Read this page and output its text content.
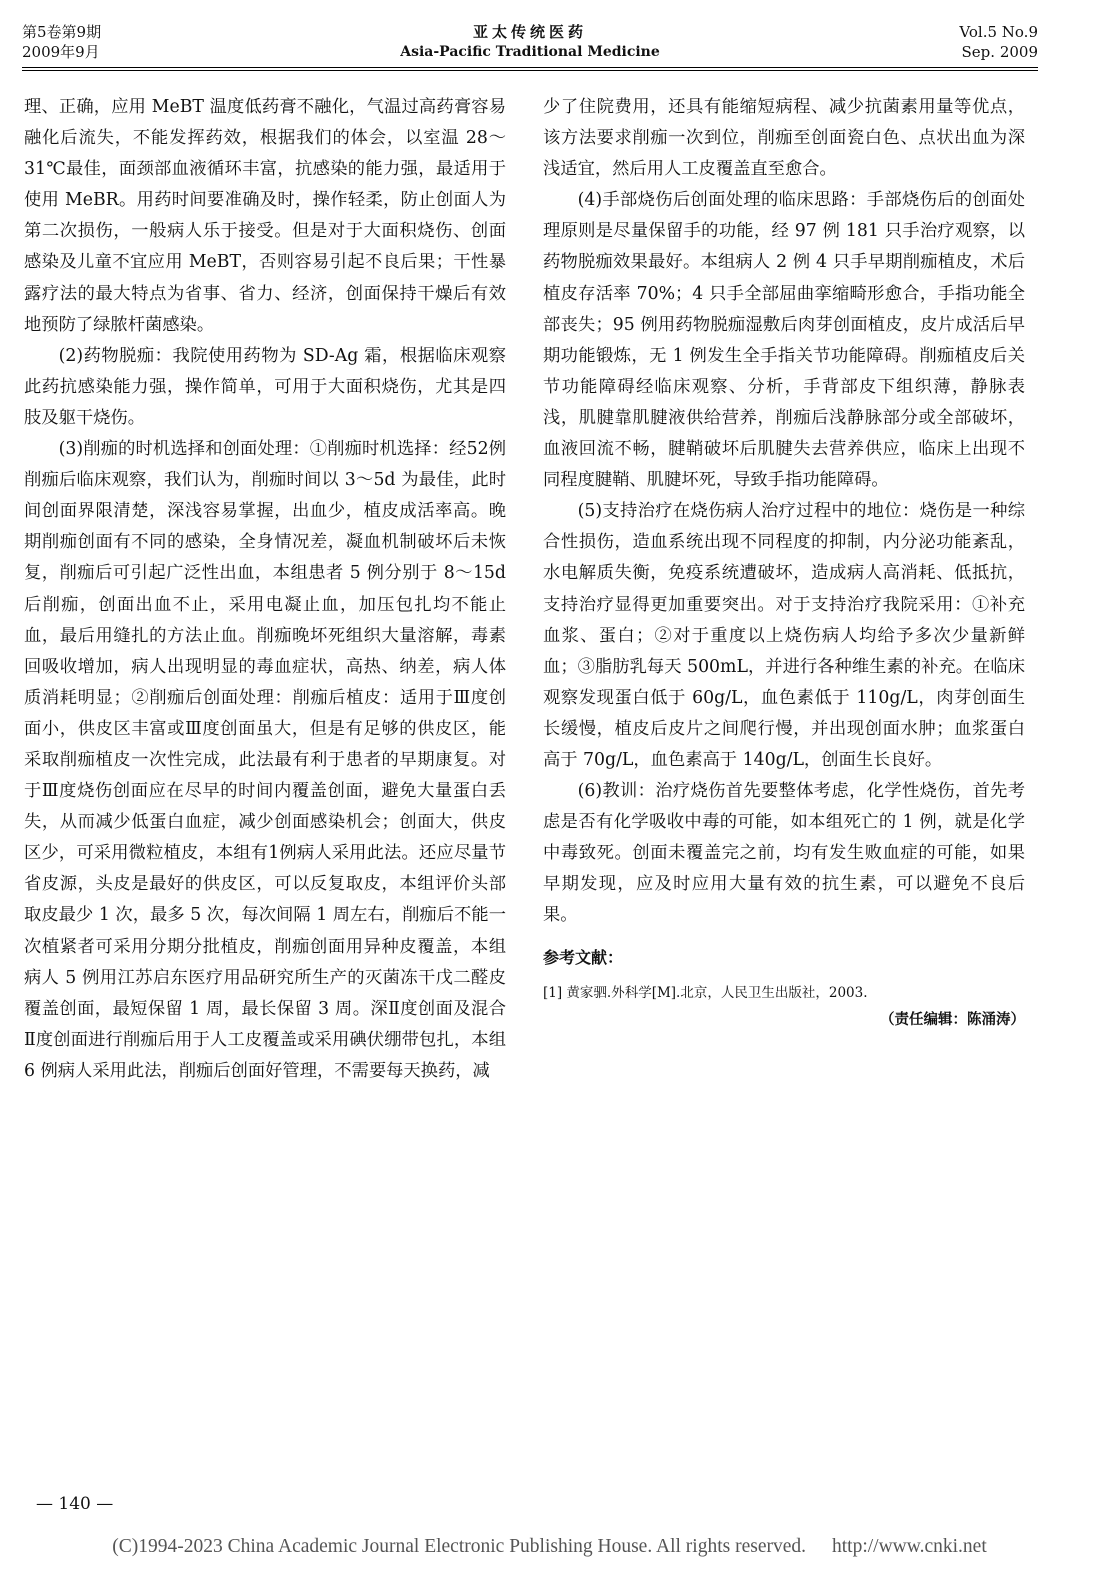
第5卷第9期
2009年9月
亚太传统医药
Asia-Pacific Traditional Medicine
Vol.5 No.9
Sep. 2009

理、正确，应用 MeBT 温度低药膏不融化，气温过高药膏容易融化后流失，不能发挥药效，根据我们的体会，以室温 28～31℃最佳，面颈部血液循环丰富，抗感染的能力强，最适用于使用 MeBR。用药时间要准确及时，操作轻柔，防止创面人为第二次损伤，一般病人乐于接受。但是对于大面积烧伤、创面感染及儿童不宜应用 MeBT，否则容易引起不良后果；干性暴露疗法的最大特点为省事、省力、经济，创面保持干燥后有效地预防了绿脓杆菌感染。

(2)药物脱痂：我院使用药物为 SD-Ag 霜，根据临床观察此药抗感染能力强，操作简单，可用于大面积烧伤，尤其是四肢及躯干烧伤。

(3)削痂的时机选择和创面处理：①削痂时机选择：经52例削痂后临床观察，我们认为，削痂时间以 3～5d 为最佳，此时间创面界限清楚，深浅容易掌握，出血少，植皮成活率高。晚期削痂创面有不同的感染，全身情况差，凝血机制破坏后未恢复，削痂后可引起广泛性出血，本组患者 5 例分别于 8～15d 后削痂，创面出血不止，采用电凝止血，加压包扎均不能止血，最后用缝扎的方法止血。削痂晚坏死组织大量溶解，毒素回吸收增加，病人出现明显的毒血症状，高热、纳差，病人体质消耗明显；②削痂后创面处理：削痂后植皮：适用于Ⅲ度创面小，供皮区丰富或Ⅲ度创面虽大，但是有足够的供皮区，能采取削痂植皮一次性完成，此法最有利于患者的早期康复。对于Ⅲ度烧伤创面应在尽早的时间内覆盖创面，避免大量蛋白丢失，从而减少低蛋白血症，减少创面感染机会；创面大，供皮区少，可采用微粒植皮，本组有1例病人采用此法。还应尽量节省皮源，头皮是最好的供皮区，可以反复取皮，本组评价头部取皮最少 1 次，最多 5 次，每次间隔 1 周左右，削痂后不能一次植紧者可采用分期分批植皮，削痂创面用异种皮覆盖，本组病人 5 例用江苏启东医疗用品研究所生产的灭菌冻干戊二醛皮覆盖创面，最短保留 1 周，最长保留 3 周。深Ⅱ度创面及混合Ⅱ度创面进行削痂后用于人工皮覆盖或采用碘伏绷带包扎，本组 6 例病人采用此法，削痂后创面好管理，不需要每天换药，减

少了住院费用，还具有能缩短病程、减少抗菌素用量等优点，该方法要求削痂一次到位，削痂至创面瓷白色、点状出血为深浅适宜，然后用人工皮覆盖直至愈合。

(4)手部烧伤后创面处理的临床思路：手部烧伤后的创面处理原则是尽量保留手的功能，经 97 例 181 只手治疗观察，以药物脱痂效果最好。本组病人 2 例 4 只手早期削痂植皮，术后植皮存活率 70%；4 只手全部屈曲挛缩畸形愈合，手指功能全部丧失；95 例用药物脱痂湿敷后肉芽创面植皮，皮片成活后早期功能锻炼，无 1 例发生全手指关节功能障碍。削痂植皮后关节功能障碍经临床观察、分析，手背部皮下组织薄，静脉表浅，肌腱靠肌腱液供给营养，削痂后浅静脉部分或全部破坏，血液回流不畅，腱鞘破坏后肌腱失去营养供应，临床上出现不同程度腱鞘、肌腱坏死，导致手指功能障碍。

(5)支持治疗在烧伤病人治疗过程中的地位：烧伤是一种综合性损伤，造血系统出现不同程度的抑制，内分泌功能紊乱，水电解质失衡，免疫系统遭破坏，造成病人高消耗、低抵抗，支持治疗显得更加重要突出。对于支持治疗我院采用：①补充血浆、蛋白；②对于重度以上烧伤病人均给予多次少量新鲜血；③脂肪乳每天 500mL，并进行各种维生素的补充。在临床观察发现蛋白低于 60g/L，血色素低于 110g/L，肉芽创面生长缓慢，植皮后皮片之间爬行慢，并出现创面水肿；血浆蛋白高于 70g/L，血色素高于 140g/L，创面生长良好。

(6)教训：治疗烧伤首先要整体考虑，化学性烧伤，首先考虑是否有化学吸收中毒的可能，如本组死亡的 1 例，就是化学中毒致死。创面未覆盖完之前，均有发生败血症的可能，如果早期发现，应及时应用大量有效的抗生素，可以避免不良后果。

参考文献：

[1] 黄家驷.外科学[M].北京，人民卫生出版社，2003.

（责任编辑：陈涌涛）

— 140 —
(C)1994-2023 China Academic Journal Electronic Publishing House. All rights reserved. http://www.cnki.net
